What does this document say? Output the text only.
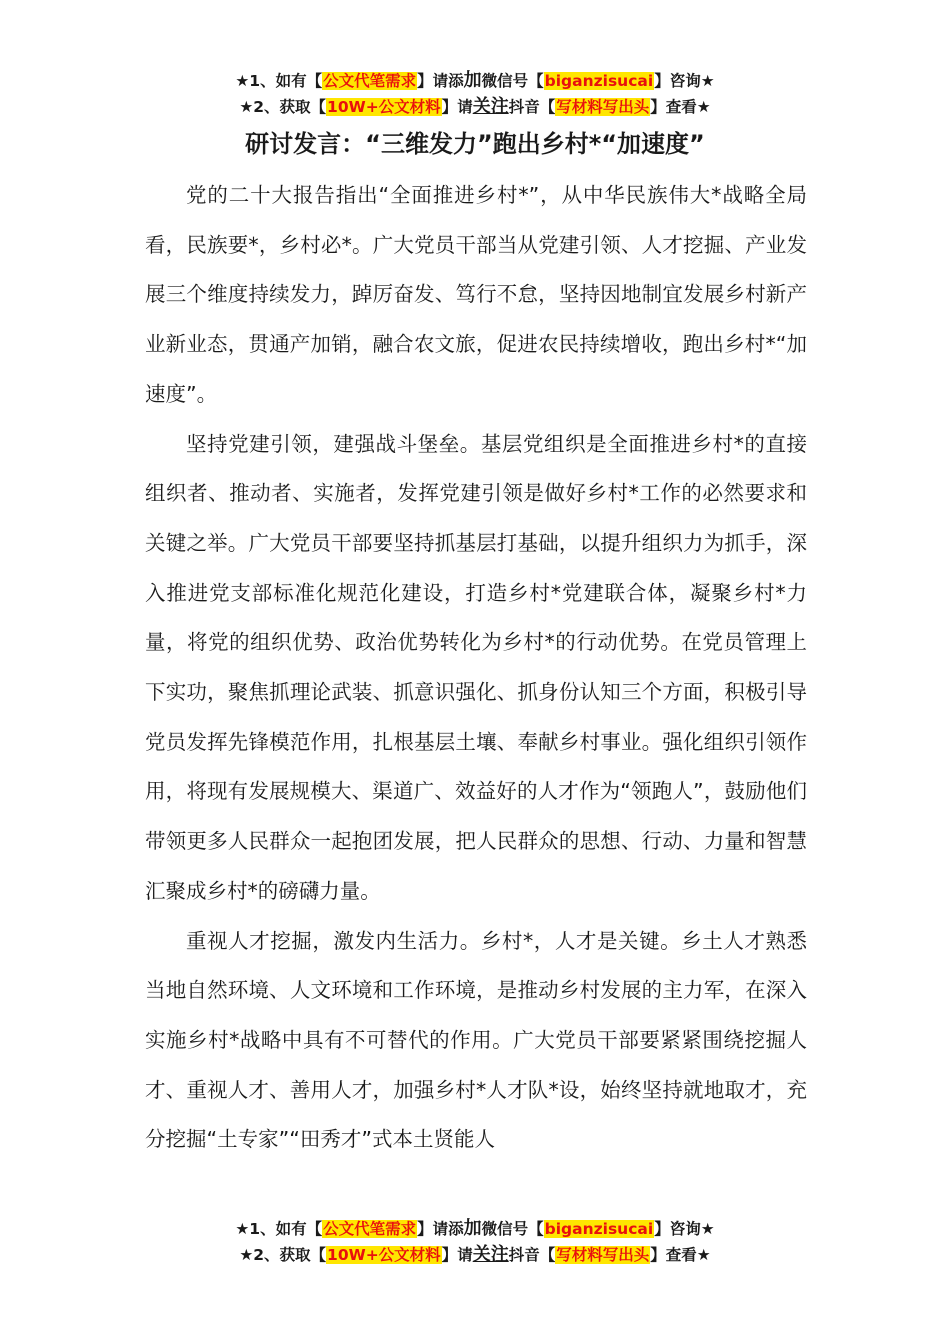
★1、如有【公文代笔需求】请添加微信号【biganzisucai】咨询★
★2、获取【10W+公文材料】请关注抖音【写材料写出头】查看★
研讨发言：“三维发力”跑出乡村*“加速度”

党的二十大报告指出“全面推进乡村*”，从中华民族伟大*战略全局看，民族要*，乡村必*。广大党员干部当从党建引领、人才挖掘、产业发展三个维度持续发力，踔厉奋发、笃行不怠，坚持因地制宜发展乡村新产业新业态，贯通产加销，融合农文旅，促进农民持续增收，跑出乡村*“加速度”。

坚持党建引领，建强战斗堡垒。基层党组织是全面推进乡村*的直接组织者、推动者、实施者，发挥党建引领是做好乡村*工作的必然要求和关键之举。广大党员干部要坚持抓基层打基础，以提升组织力为抓手，深入推进党支部标准化规范化建设，打造乡村*党建联合体，凝聚乡村*力量，将党的组织优势、政治优势转化为乡村*的行动优势。在党员管理上下实功，聚焦抓理论武装、抓意识强化、抓身份认知三个方面，积极引导党员发挥先锋模范作用，扎根基层土壤、奉献乡村事业。强化组织引领作用，将现有发展规模大、渠道广、效益好的人才作为“领跑人”，鼓励他们带领更多人民群众一起抱团发展，把人民群众的思想、行动、力量和智慧汇聚成乡村*的磅礴力量。

重视人才挖掘，激发内生活力。乡村*，人才是关键。乡土人才熟悉当地自然环境、人文环境和工作环境，是推动乡村发展的主力军，在深入实施乡村*战略中具有不可替代的作用。广大党员干部要紧紧围绕挖掘人才、重视人才、善用人才，加强乡村*人才队*设，始终坚持就地取才，充分挖掘“土专家”“田秀才”式本土贤能人

★1、如有【公文代笔需求】请添加微信号【biganzisucai】咨询★
★2、获取【10W+公文材料】请关注抖音【写材料写出头】查看★
